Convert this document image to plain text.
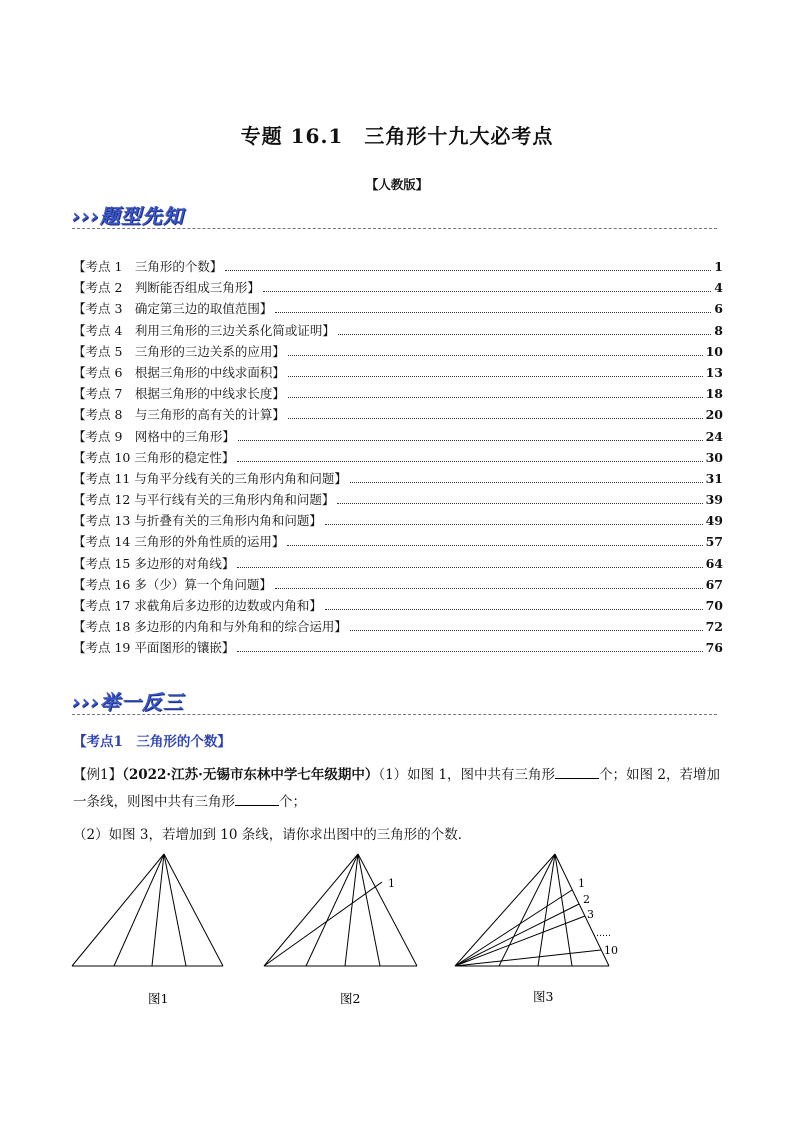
专题 16.1　三角形十九大必考点
【人教版】
›››题型先知
【考点 1　三角形的个数】	1
【考点 2　判断能否组成三角形】	4
【考点 3　确定第三边的取值范围】	6
【考点 4　利用三角形的三边关系化简或证明】	8
【考点 5　三角形的三边关系的应用】	10
【考点 6　根据三角形的中线求面积】	13
【考点 7　根据三角形的中线求长度】	18
【考点 8　与三角形的高有关的计算】	20
【考点 9　网格中的三角形】	24
【考点 10 三角形的稳定性】	30
【考点 11 与角平分线有关的三角形内角和问题】	31
【考点 12 与平行线有关的三角形内角和问题】	39
【考点 13 与折叠有关的三角形内角和问题】	49
【考点 14 三角形的外角性质的运用】	57
【考点 15 多边形的对角线】	64
【考点 16 多（少）算一个角问题】	67
【考点 17 求截角后多边形的边数或内角和】	70
【考点 18 多边形的内角和与外角和的综合运用】	72
【考点 19 平面图形的镶嵌】	76
›››举一反三
【考点1　三角形的个数】
【例1】（2022·江苏·无锡市东林中学七年级期中）（1）如图 1，图中共有三角形	个；如图 2，若增加一条线，则图中共有三角形	个；
（2）如图 3，若增加到 10 条线，请你求出图中的三角形的个数．
图1
1
图2
1
2
3
……
10
图3
